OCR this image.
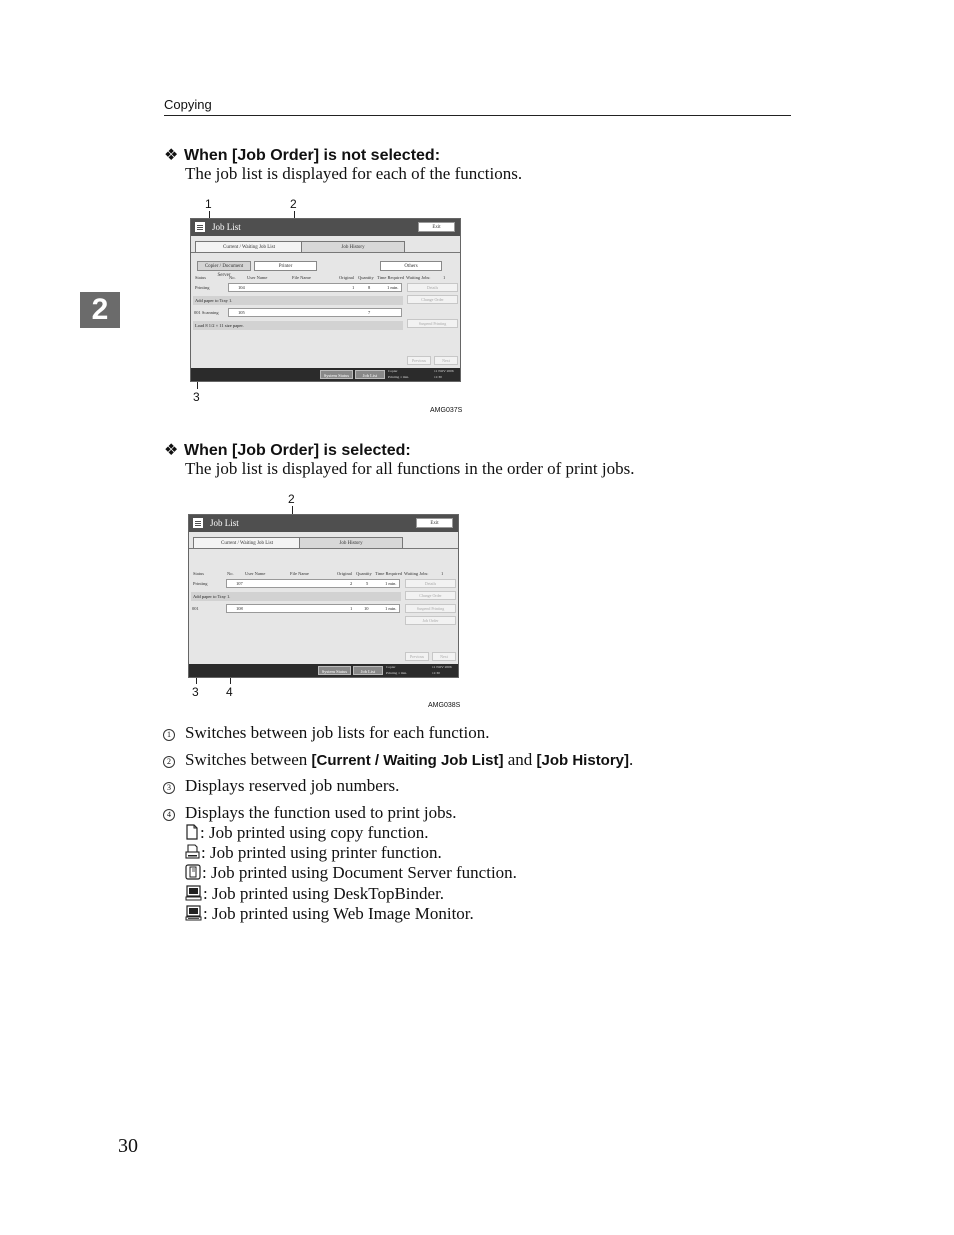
Copying
2
❖ When [Job Order] is not selected:
The job list is displayed for each of the functions.
1	2
3
Job List	Exit
Current / Waiting Job List	Job History
Copier / Document Server
Printer	Others
Status	No.	User Name	File Name	Original Quantity Time Required Waiting Jobs:	1
Printing	104	1	8	1 min.
Add paper to Tray 1.
001 Scanning	105	7
Load 8 1/2 × 11 size paper.
Details
Change Order
Suspend Printing
Previous	Next
System Status	Job List
Copier
Printing 1 min.
11 NOV 2006
11:30
AMG037S
❖ When [Job Order] is selected:
The job list is displayed for all functions in the order of print jobs.
2
3 4
Job List	Exit
Current / Waiting Job List	Job History
Status	No.	User Name	File Name	Original Quantity Time Required Waiting Jobs:	1
Printing	107	2	5	1 min.
Add paper to Tray 1.
001	108	1	10	1 min.
Details
Change Order
Suspend Printing
Job Order
Previous	Next
System Status	Job List
Copier
Printing 1 min.
11 NOV 2006
11:30
AMG038S
1 Switches between job lists for each function.
2 Switches between [Current / Waiting Job List] and [Job History].
3 Displays reserved job numbers.
4 Displays the function used to print jobs.
: Job printed using copy function.
: Job printed using printer function.
: Job printed using Document Server function.
: Job printed using DeskTopBinder.
: Job printed using Web Image Monitor.
30
